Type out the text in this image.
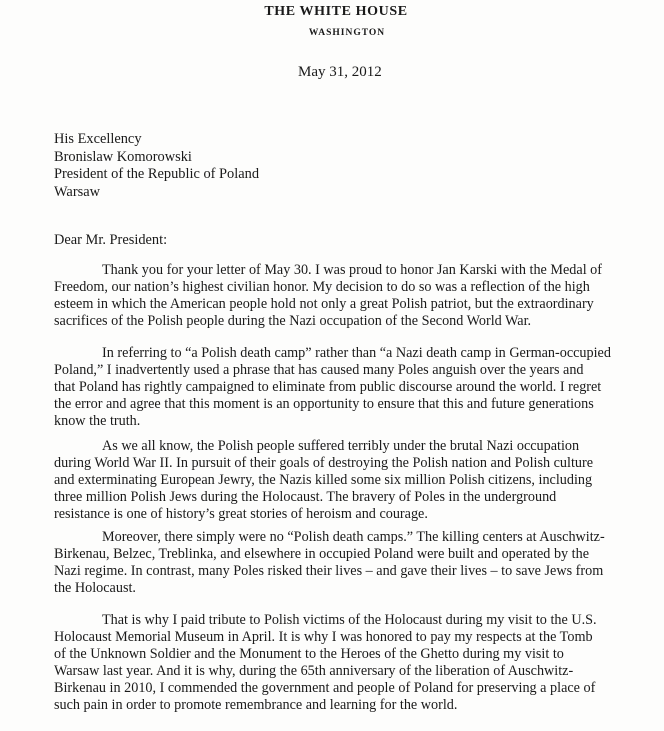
THE WHITE HOUSE
WASHINGTON
May 31, 2012
His Excellency
Bronislaw Komorowski
President of the Republic of Poland
Warsaw
Dear Mr. President:
Thank you for your letter of May 30. I was proud to honor Jan Karski with the Medal of
Freedom, our nation’s highest civilian honor. My decision to do so was a reflection of the high
esteem in which the American people hold not only a great Polish patriot, but the extraordinary
sacrifices of the Polish people during the Nazi occupation of the Second World War.
In referring to “a Polish death camp” rather than “a Nazi death camp in German-occupied
Poland,” I inadvertently used a phrase that has caused many Poles anguish over the years and
that Poland has rightly campaigned to eliminate from public discourse around the world. I regret
the error and agree that this moment is an opportunity to ensure that this and future generations
know the truth.
As we all know, the Polish people suffered terribly under the brutal Nazi occupation
during World War II. In pursuit of their goals of destroying the Polish nation and Polish culture
and exterminating European Jewry, the Nazis killed some six million Polish citizens, including
three million Polish Jews during the Holocaust. The bravery of Poles in the underground
resistance is one of history’s great stories of heroism and courage.
Moreover, there simply were no “Polish death camps.” The killing centers at Auschwitz-
Birkenau, Belzec, Treblinka, and elsewhere in occupied Poland were built and operated by the
Nazi regime. In contrast, many Poles risked their lives – and gave their lives – to save Jews from
the Holocaust.
That is why I paid tribute to Polish victims of the Holocaust during my visit to the U.S.
Holocaust Memorial Museum in April. It is why I was honored to pay my respects at the Tomb
of the Unknown Soldier and the Monument to the Heroes of the Ghetto during my visit to
Warsaw last year. And it is why, during the 65th anniversary of the liberation of Auschwitz-
Birkenau in 2010, I commended the government and people of Poland for preserving a place of
such pain in order to promote remembrance and learning for the world.
